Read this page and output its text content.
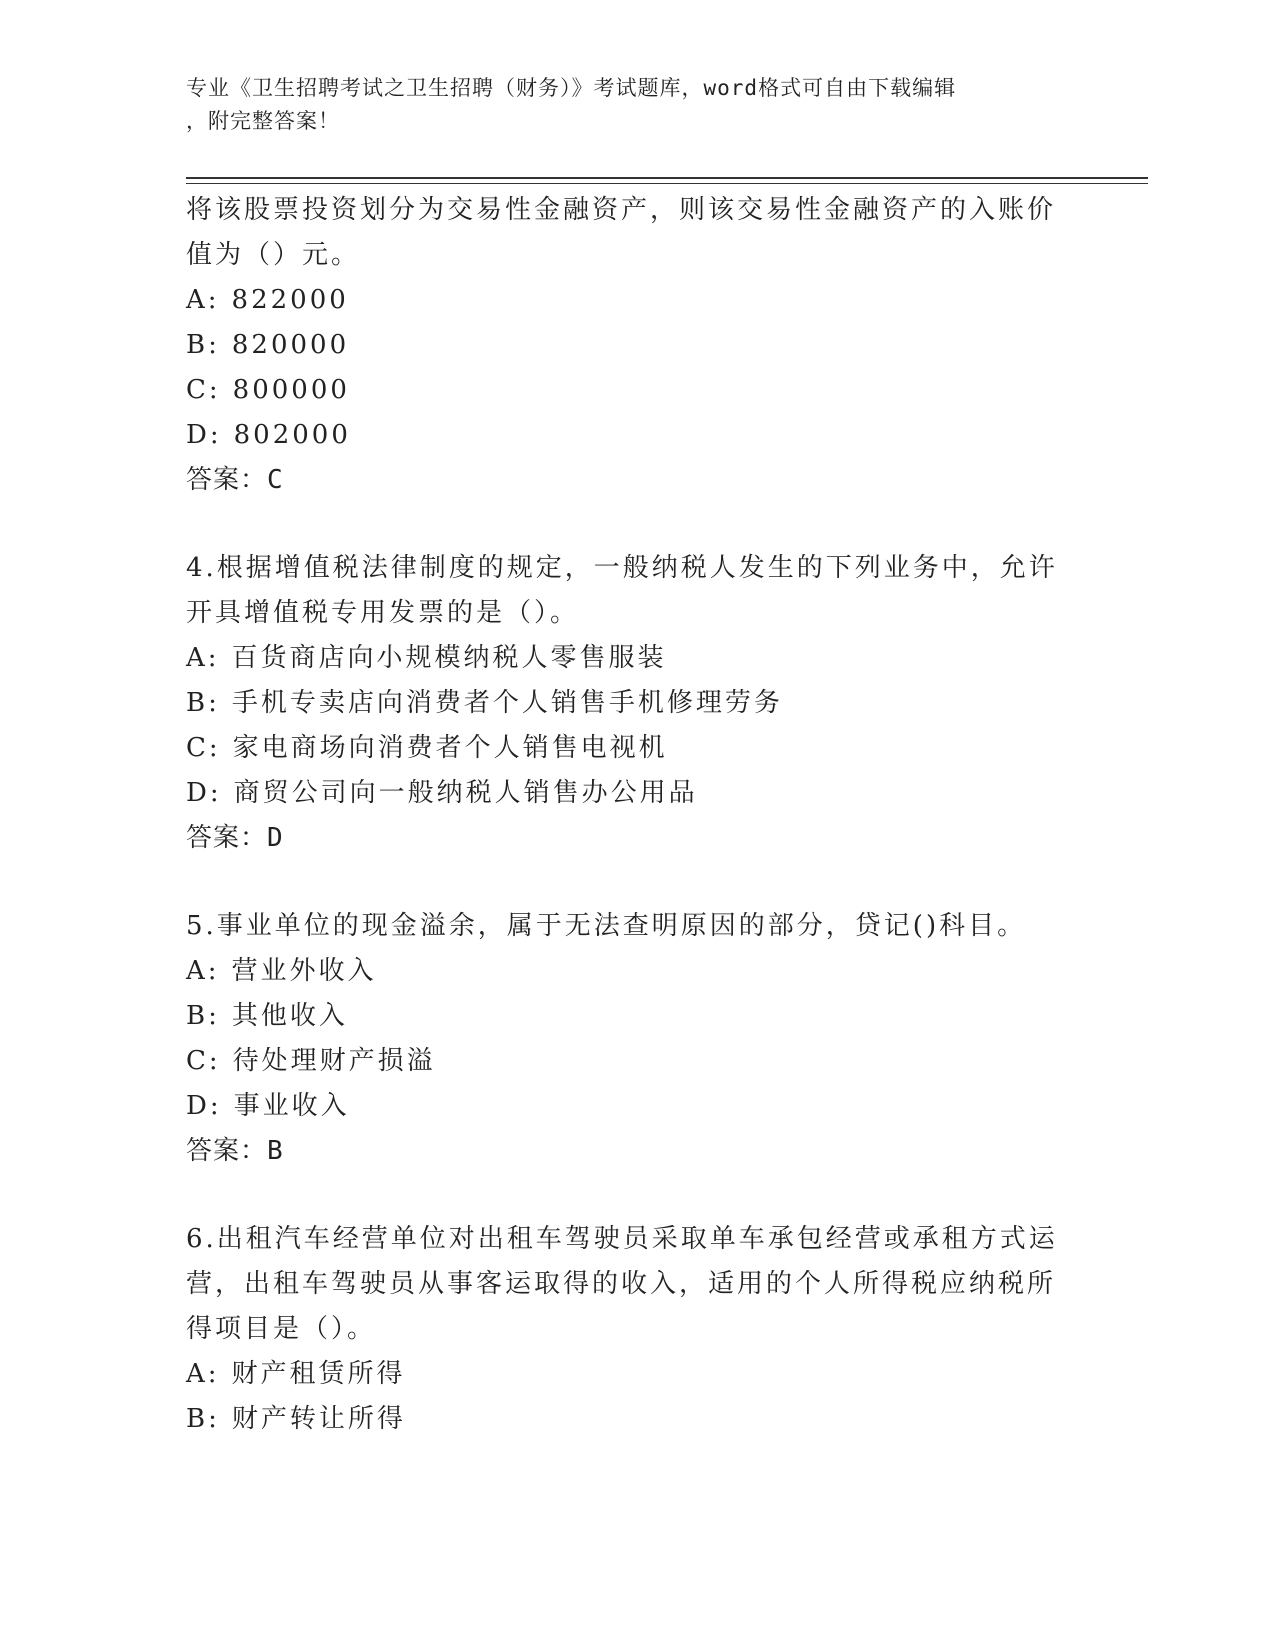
专业《卫生招聘考试之卫生招聘（财务）》考试题库，word格式可自由下载编辑
，附完整答案！
将该股票投资划分为交易性金融资产，则该交易性金融资产的入账价
值为（）元。
A: 822000
B: 820000
C: 800000
D: 802000
答案：C
4.根据增值税法律制度的规定，一般纳税人发生的下列业务中，允许
开具增值税专用发票的是（）。
A: 百货商店向小规模纳税人零售服装
B: 手机专卖店向消费者个人销售手机修理劳务
C: 家电商场向消费者个人销售电视机
D: 商贸公司向一般纳税人销售办公用品
答案：D
5.事业单位的现金溢余，属于无法查明原因的部分，贷记()科目。
A: 营业外收入
B: 其他收入
C: 待处理财产损溢
D: 事业收入
答案：B
6.出租汽车经营单位对出租车驾驶员采取单车承包经营或承租方式运
营，出租车驾驶员从事客运取得的收入，适用的个人所得税应纳税所
得项目是（）。
A: 财产租赁所得
B: 财产转让所得
